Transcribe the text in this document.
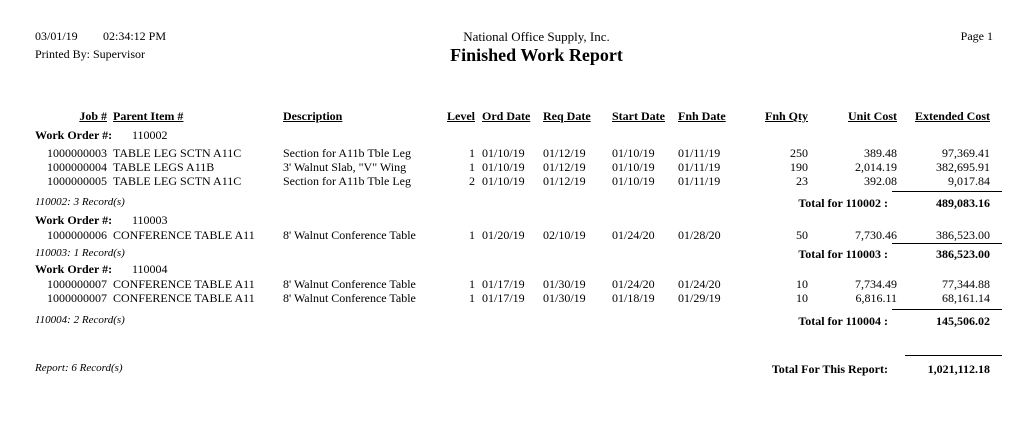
03/01/19 02:34:12 PM
Printed By: Supervisor
National Office Supply, Inc.
Finished Work Report
Page 1
Job # Parent Item #	Description	Level Ord Date Req Date Start Date Fnh Date	Fnh Qty	Unit Cost	Extended Cost
Work Order #: 110002
1000000003 TABLE LEG SCTN A11C	Section for A11b Tble Leg	1 01/10/19	01/12/19	01/10/19	01/11/19	250	389.48	97,369.41
1000000004 TABLE LEGS A11B	3' Walnut Slab, "V" Wing	1 01/10/19	01/12/19	01/10/19	01/11/19	190	2,014.19	382,695.91
1000000005 TABLE LEG SCTN A11C	Section for A11b Tble Leg	2 01/10/19	01/12/19	01/10/19	01/11/19	23	392.08	9,017.84
110002: 3 Record(s)	Total for 110002 :	489,083.16
Work Order #: 110003
1000000006 CONFERENCE TABLE A11	8' Walnut Conference Table	1 01/20/19	02/10/19	01/24/20	01/28/20	50	7,730.46	386,523.00
110003: 1 Record(s)	Total for 110003 :	386,523.00
Work Order #: 110004
1000000007 CONFERENCE TABLE A11	8' Walnut Conference Table	1 01/17/19	01/30/19	01/24/20	01/24/20	10	7,734.49	77,344.88
1000000007 CONFERENCE TABLE A11	8' Walnut Conference Table	1 01/17/19	01/30/19	01/18/19	01/29/19	10	6,816.11	68,161.14
110004: 2 Record(s)	Total for 110004 :	145,506.02
Report: 6 Record(s)	Total For This Report:	1,021,112.18
